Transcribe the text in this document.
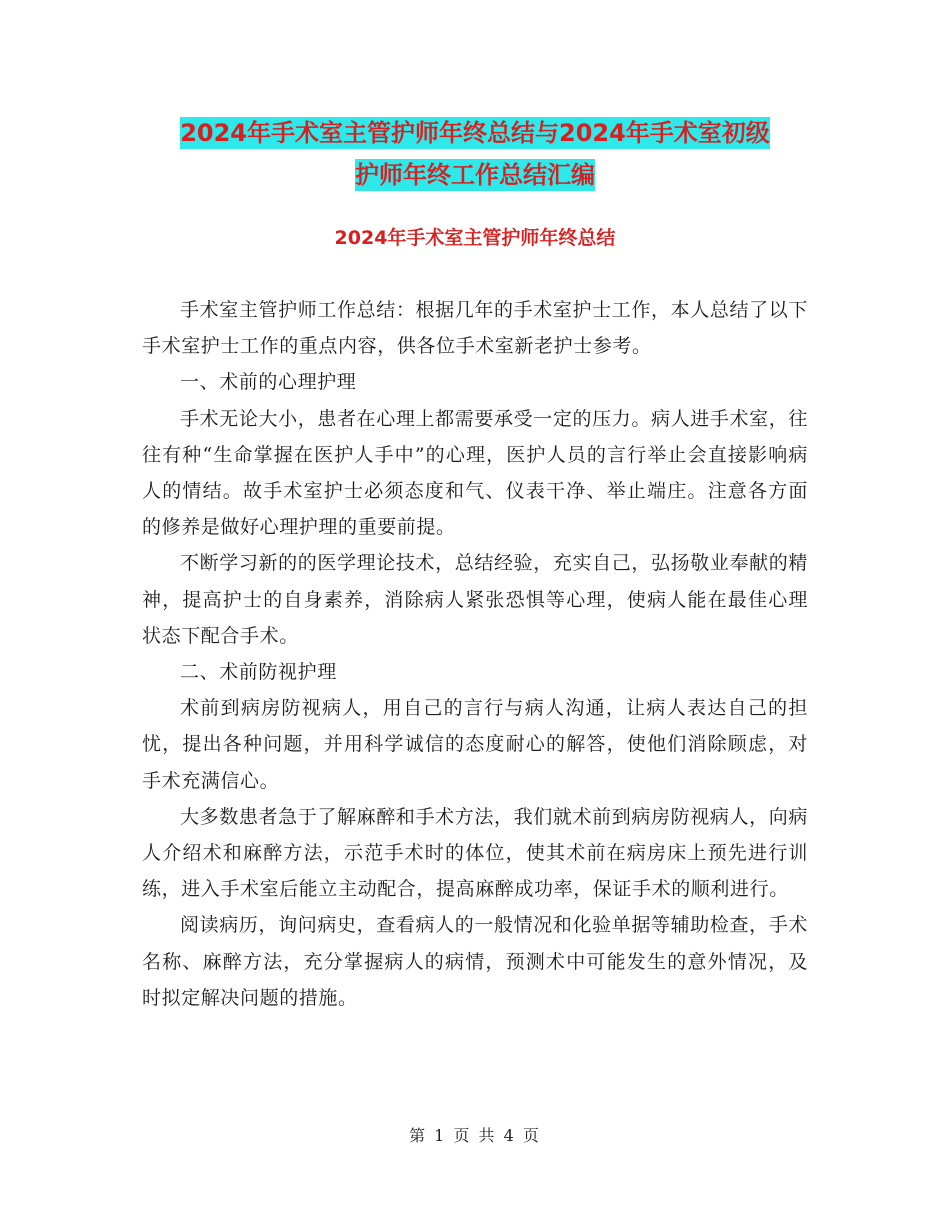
2024年手术室主管护师年终总结与2024年手术室初级
护师年终工作总结汇编
2024年手术室主管护师年终总结

手术室主管护师工作总结：根据几年的手术室护士工作，本人总结了以下手术室护士工作的重点内容，供各位手术室新老护士参考。

一、术前的心理护理

手术无论大小，患者在心理上都需要承受一定的压力。病人进手术室，往往有种“生命掌握在医护人手中”的心理，医护人员的言行举止会直接影响病人的情结。故手术室护士必须态度和气、仪表干净、举止端庄。注意各方面的修养是做好心理护理的重要前提。

不断学习新的的医学理论技术，总结经验，充实自己，弘扬敬业奉献的精神，提高护士的自身素养，消除病人紧张恐惧等心理，使病人能在最佳心理状态下配合手术。

二、术前防视护理

术前到病房防视病人，用自己的言行与病人沟通，让病人表达自己的担忧，提出各种问题，并用科学诚信的态度耐心的解答，使他们消除顾虑，对手术充满信心。

大多数患者急于了解麻醉和手术方法，我们就术前到病房防视病人，向病人介绍术和麻醉方法，示范手术时的体位，使其术前在病房床上预先进行训练，进入手术室后能立主动配合，提高麻醉成功率，保证手术的顺利进行。

阅读病历，询问病史，查看病人的一般情况和化验单据等辅助检查，手术名称、麻醉方法，充分掌握病人的病情，预测术中可能发生的意外情况，及时拟定解决问题的措施。

第 1 页 共 4 页
